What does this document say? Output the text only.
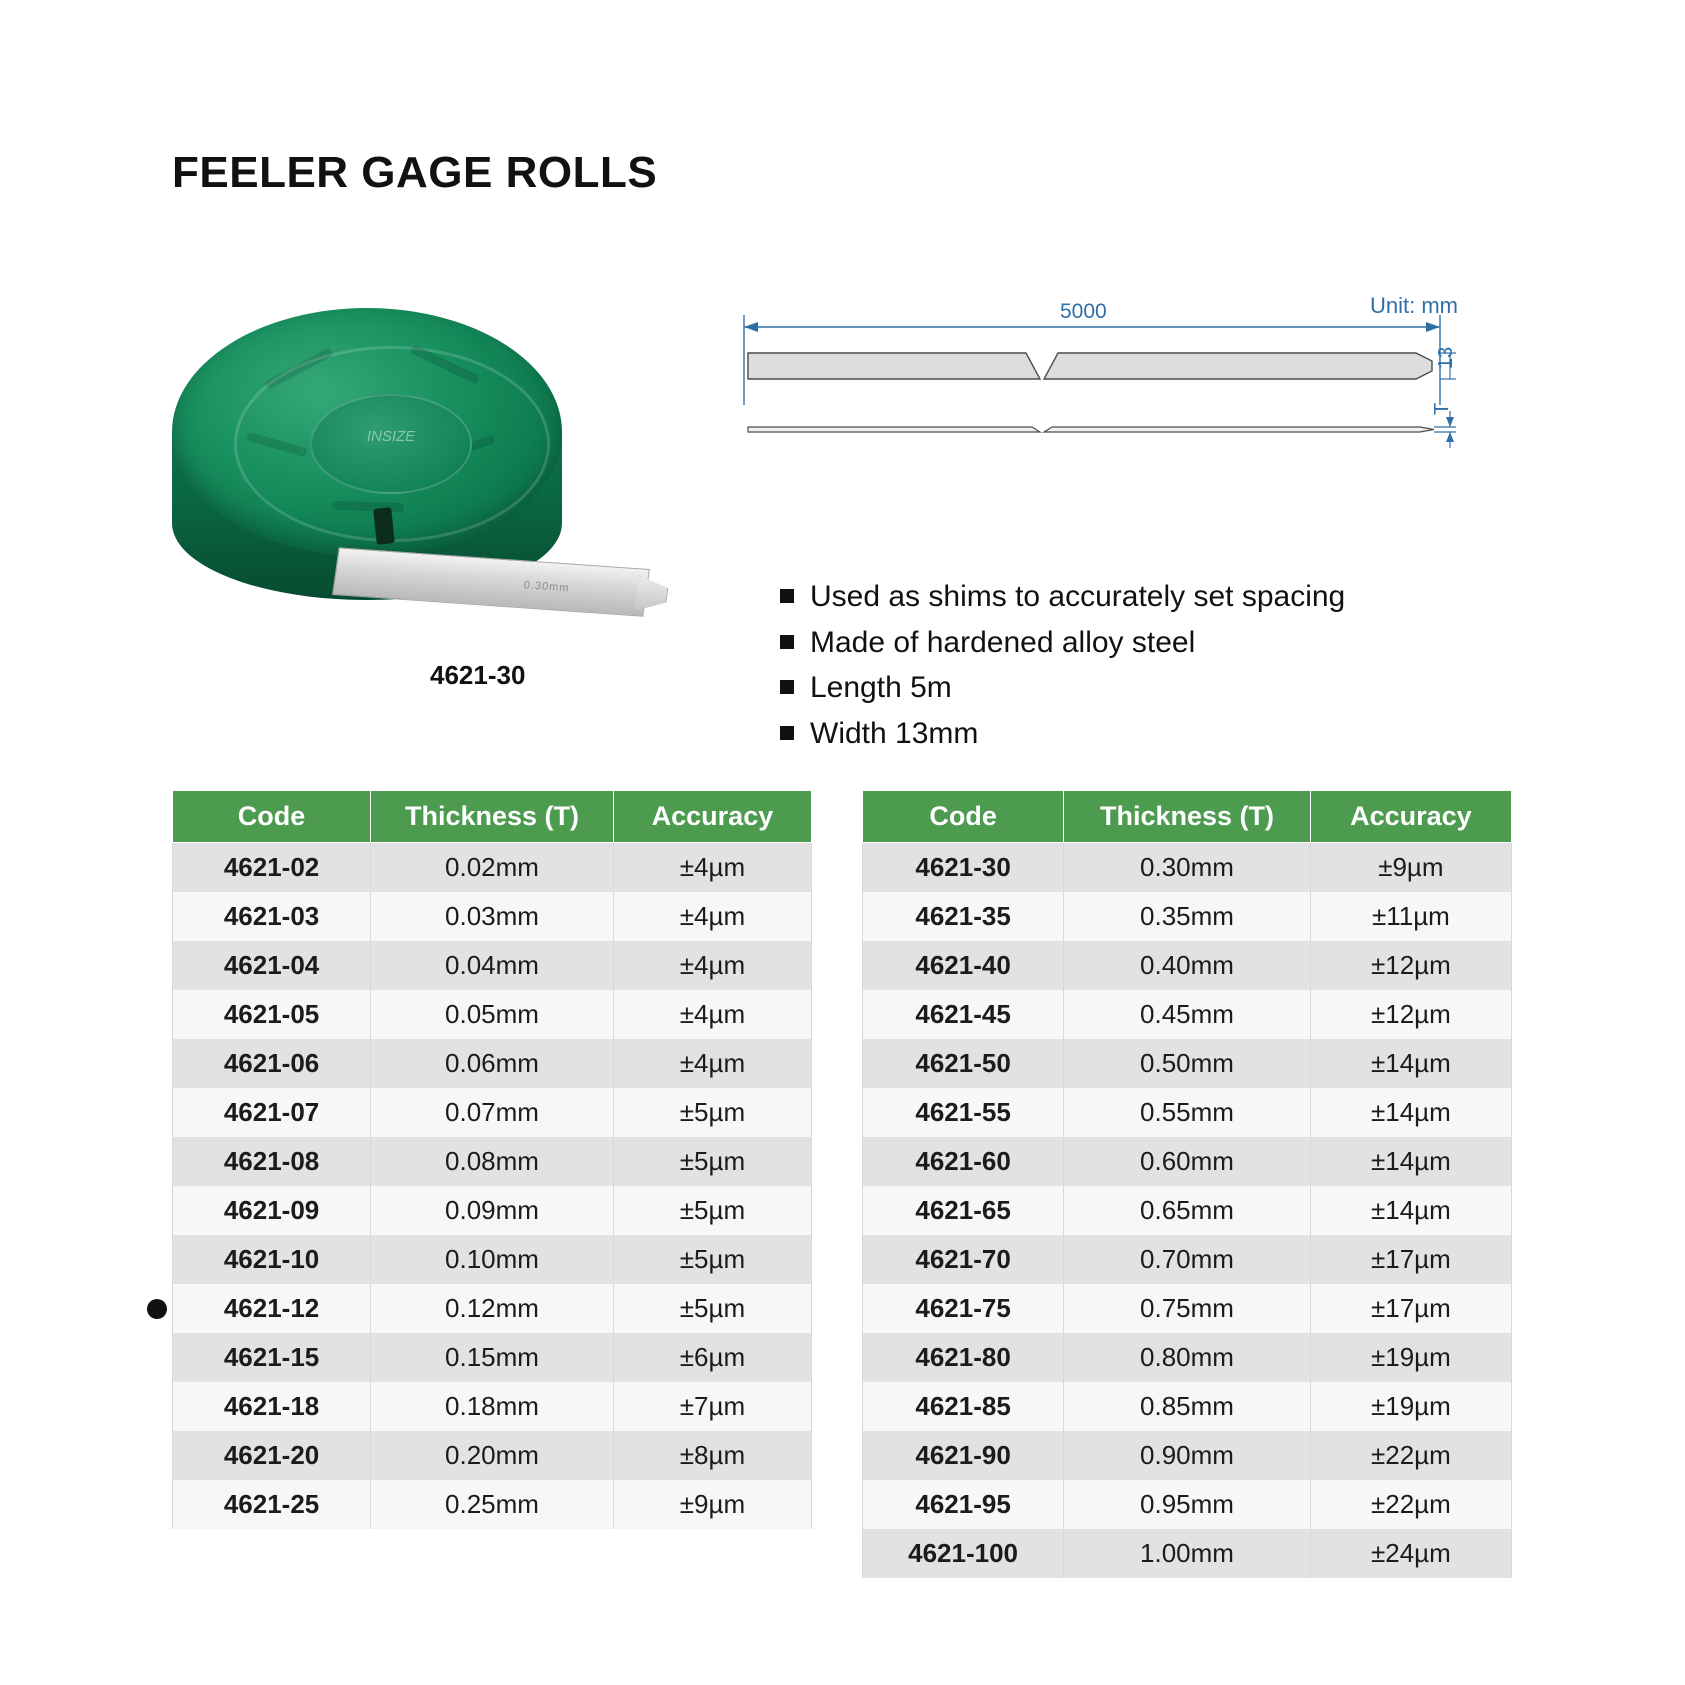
FEELER GAGE ROLLS
INSIZE
0.30mm
4621-30
Unit: mm
5000
13
T
Used as shims to accurately set spacing
Made of hardened alloy steel
Length 5m
Width 13mm
Code	Thickness (T)	Accuracy
4621-02	0.02mm	±4µm
4621-03	0.03mm	±4µm
4621-04	0.04mm	±4µm
4621-05	0.05mm	±4µm
4621-06	0.06mm	±4µm
4621-07	0.07mm	±5µm
4621-08	0.08mm	±5µm
4621-09	0.09mm	±5µm
4621-10	0.10mm	±5µm
4621-12	0.12mm	±5µm
4621-15	0.15mm	±6µm
4621-18	0.18mm	±7µm
4621-20	0.20mm	±8µm
4621-25	0.25mm	±9µm
Code	Thickness (T)	Accuracy
4621-30	0.30mm	±9µm
4621-35	0.35mm	±11µm
4621-40	0.40mm	±12µm
4621-45	0.45mm	±12µm
4621-50	0.50mm	±14µm
4621-55	0.55mm	±14µm
4621-60	0.60mm	±14µm
4621-65	0.65mm	±14µm
4621-70	0.70mm	±17µm
4621-75	0.75mm	±17µm
4621-80	0.80mm	±19µm
4621-85	0.85mm	±19µm
4621-90	0.90mm	±22µm
4621-95	0.95mm	±22µm
4621-100	1.00mm	±24µm
